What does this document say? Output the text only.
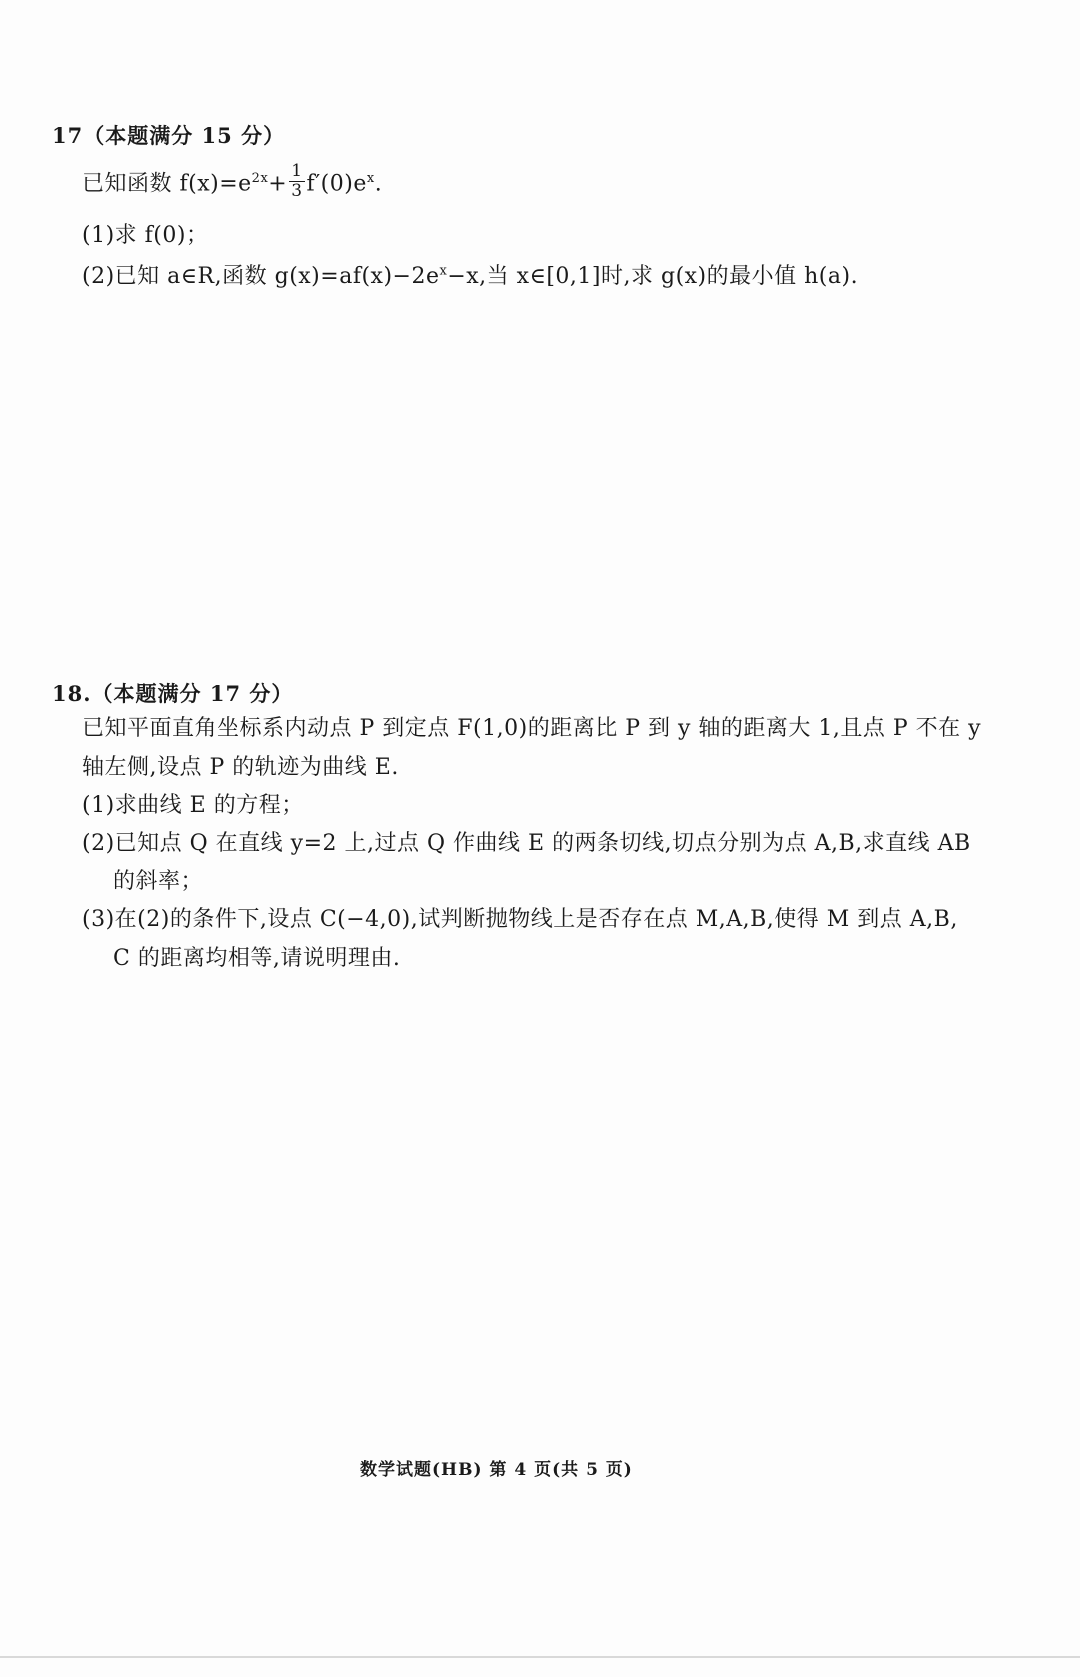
17（本题满分 15 分）
已知函数 $f(x)=e^{2x}+ \frac{1}{3} f'(0)e^x$.
(1)求 f(0)；
(2)已知 a∈R,函数 $g(x)=af(x)-2e^x-x$,当 x∈[0,1]时,求 g(x)的最小值 h(a).
18.（本题满分 17 分）
已知平面直角坐标系内动点 P 到定点 F(1,0)的距离比 P 到 y 轴的距离大 1,且点 P 不在 y
轴左侧,设点 P 的轨迹为曲线 E.
(1)求曲线 E 的方程；
(2)已知点 Q 在直线 y=2 上,过点 Q 作曲线 E 的两条切线,切点分别为点 A,B,求直线 AB
的斜率；
(3)在(2)的条件下,设点 C(−4,0),试判断抛物线上是否存在点 M,A,B,使得 M 到点 A,B,
C 的距离均相等,请说明理由.
数学试题(HB) 第 4 页(共 5 页)
